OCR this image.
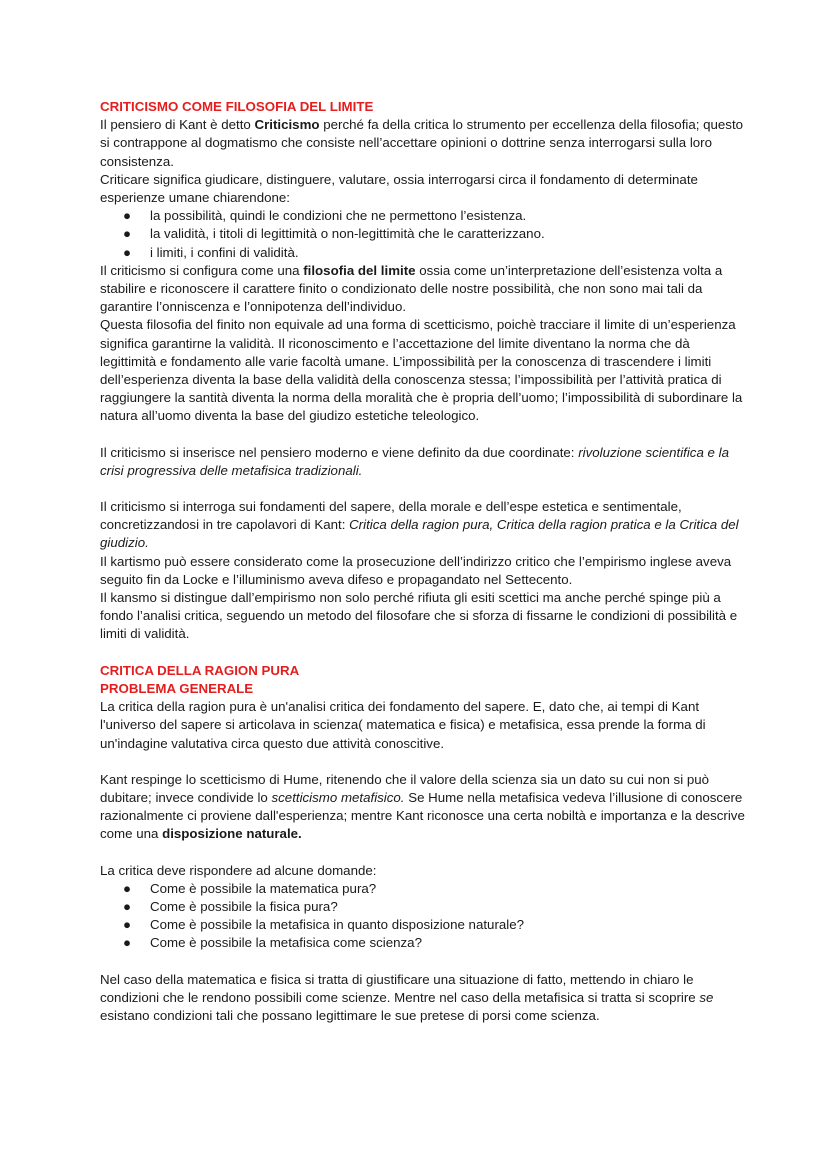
CRITICISMO COME FILOSOFIA DEL LIMITE

Il pensiero di Kant è detto Criticismo perché fa della critica lo strumento per eccellenza della filosofia; questo si contrappone al dogmatismo che consiste nell’accettare opinioni o dottrine senza interrogarsi sulla loro consistenza.

Criticare significa giudicare, distinguere, valutare, ossia interrogarsi circa il fondamento di determinate esperienze umane chiarendone:

● la possibilità, quindi le condizioni che ne permettono l’esistenza.
● la validità, i titoli di legittimità o non-legittimità che le caratterizzano.
● i limiti, i confini di validità.

Il criticismo si configura come una filosofia del limite ossia come un’interpretazione dell’esistenza volta a stabilire e riconoscere il carattere finito o condizionato delle nostre possibilità, che non sono mai tali da garantire l’onniscenza e l’onnipotenza dell’individuo.

Questa filosofia del finito non equivale ad una forma di scetticismo, poichè tracciare il limite di un’esperienza significa garantirne la validità. Il riconoscimento e l’accettazione del limite diventano la norma che dà legittimità e fondamento alle varie facoltà umane. L’impossibilità per la conoscenza di trascendere i limiti dell’esperienza diventa la base della validità della conoscenza stessa; l’impossibilità per l’attività pratica di raggiungere la santità diventa la norma della moralità che è propria dell’uomo; l’impossibilità di subordinare la natura all’uomo diventa la base del giudizo estetiche teleologico.

Il criticismo si inserisce nel pensiero moderno e viene definito da due coordinate: rivoluzione scientifica e la crisi progressiva delle metafisica tradizionali.

Il criticismo si interroga sui fondamenti del sapere, della morale e dell’espe estetica e sentimentale, concretizzandosi in tre capolavori di Kant: Critica della ragion pura, Critica della ragion pratica e la Critica del giudizio.

Il kartismo può essere considerato come la prosecuzione dell’indirizzo critico che l’empirismo inglese aveva seguito fin da Locke e l’illuminismo aveva difeso e propagandato nel Settecento.

Il kansmo si distingue dall’empirismo non solo perché rifiuta gli esiti scettici ma anche perché spinge più a fondo l’analisi critica, seguendo un metodo del filosofare che si sforza di fissarne le condizioni di possibilità e limiti di validità.

CRITICA DELLA RAGION PURA
PROBLEMA GENERALE

La critica della ragion pura è un'analisi critica dei fondamento del sapere. E, dato che, ai tempi di Kant l'universo del sapere si articolava in scienza( matematica e fisica) e metafisica, essa prende la forma di un'indagine valutativa circa questo due attività conoscitive.

Kant respinge lo scetticismo di Hume, ritenendo che il valore della scienza sia un dato su cui non si può dubitare; invece condivide lo scetticismo metafisico. Se Hume nella metafisica vedeva l’illusione di conoscere razionalmente ci proviene dall'esperienza; mentre Kant riconosce una certa nobiltà e importanza e la descrive come una disposizione naturale.

La critica deve rispondere ad alcune domande:

● Come è possibile la matematica pura?
● Come è possibile la fisica pura?
● Come è possibile la metafisica in quanto disposizione naturale?
● Come è possibile la metafisica come scienza?

Nel caso della matematica e fisica si tratta di giustificare una situazione di fatto, mettendo in chiaro le condizioni che le rendono possibili come scienze. Mentre nel caso della metafisica si tratta si scoprire se esistano condizioni tali che possano legittimare le sue pretese di porsi come scienza.
